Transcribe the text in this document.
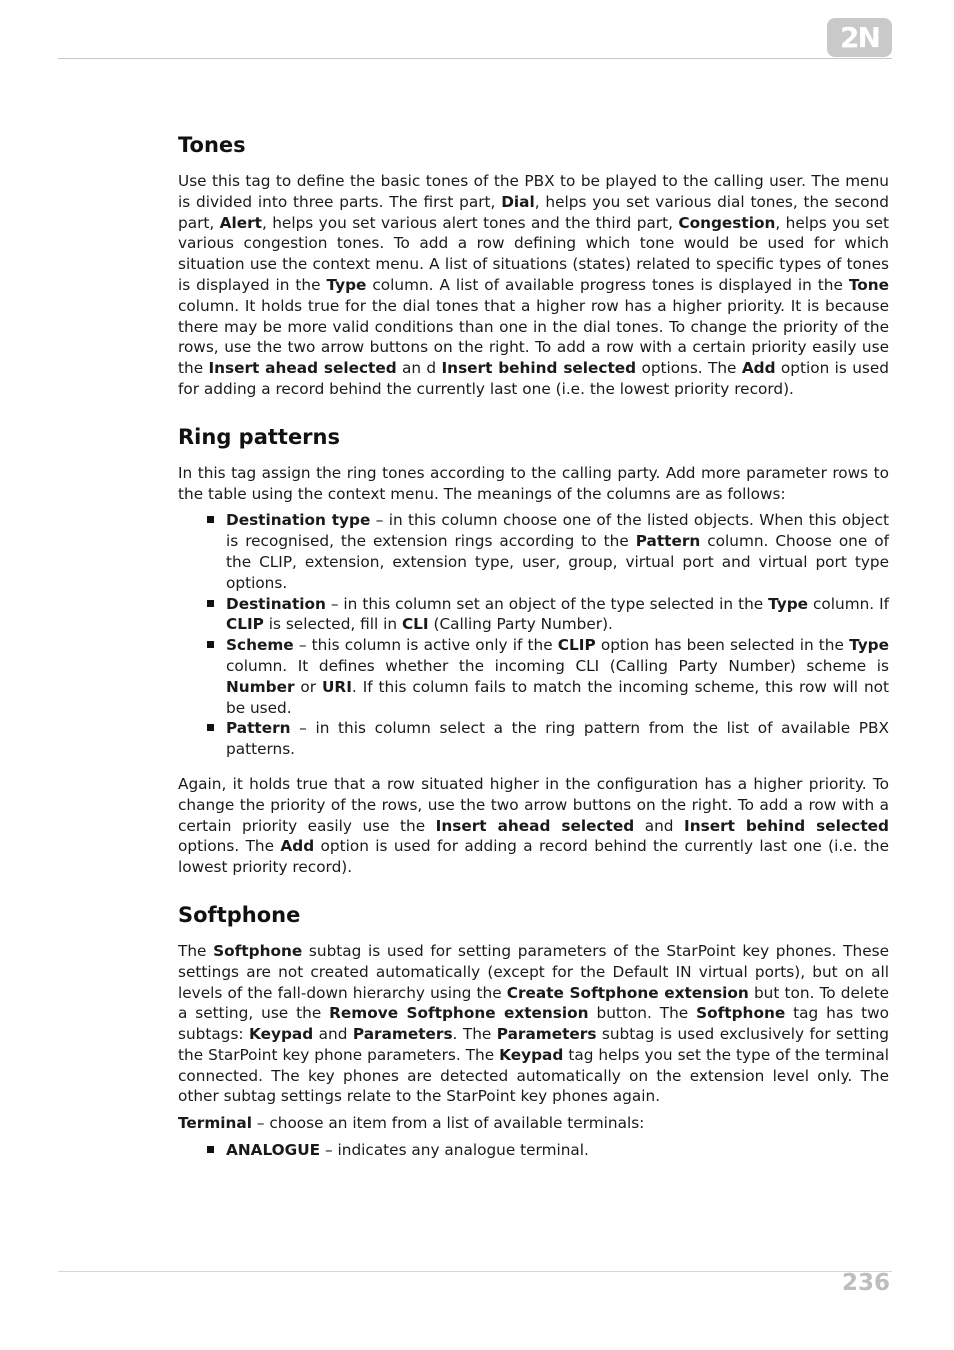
2N
Tones

Use this tag to define the basic tones of the PBX to be played to the calling user. The menu is divided into three parts. The first part, Dial, helps you set various dial tones, the second part, Alert, helps you set various alert tones and the third part, Congestion, helps you set various congestion tones. To add a row defining which tone would be used for which situation use the context menu. A list of situations (states) related to specific types of tones is displayed in the Type column. A list of available progress tones is displayed in the Tone column. It holds true for the dial tones that a higher row has a higher priority. It is because there may be more valid conditions than one in the dial tones. To change the priority of the rows, use the two arrow buttons on the right. To add a row with a certain priority easily use the Insert ahead selected an d Insert behind selected options. The Add option is used for adding a record behind the currently last one (i.e. the lowest priority record).

Ring patterns

In this tag assign the ring tones according to the calling party. Add more parameter rows to the table using the context menu. The meanings of the columns are as follows:

Destination type – in this column choose one of the listed objects. When this object is recognised, the extension rings according to the Pattern column. Choose one of the CLIP, extension, extension type, user, group, virtual port and virtual port type options.
Destination – in this column set an object of the type selected in the Type column. If CLIP is selected, fill in CLI (Calling Party Number).
Scheme – this column is active only if the CLIP option has been selected in the Type column. It defines whether the incoming CLI (Calling Party Number) scheme is Number or URI. If this column fails to match the incoming scheme, this row will not be used.
Pattern – in this column select a the ring pattern from the list of available PBX patterns.

Again, it holds true that a row situated higher in the configuration has a higher priority. To change the priority of the rows, use the two arrow buttons on the right. To add a row with a certain priority easily use the Insert ahead selected and Insert behind selected options. The Add option is used for adding a record behind the currently last one (i.e. the lowest priority record).

Softphone

The Softphone subtag is used for setting parameters of the StarPoint key phones. These settings are not created automatically (except for the Default IN virtual ports), but on all levels of the fall-down hierarchy using the Create Softphone extension but ton. To delete a setting, use the Remove Softphone extension button. The Softphone tag has two subtags: Keypad and Parameters. The Parameters subtag is used exclusively for setting the StarPoint key phone parameters. The Keypad tag helps you set the type of the terminal connected. The key phones are detected automatically on the extension level only. The other subtag settings relate to the StarPoint key phones again.

Terminal – choose an item from a list of available terminals:

ANALOGUE – indicates any analogue terminal.
236
